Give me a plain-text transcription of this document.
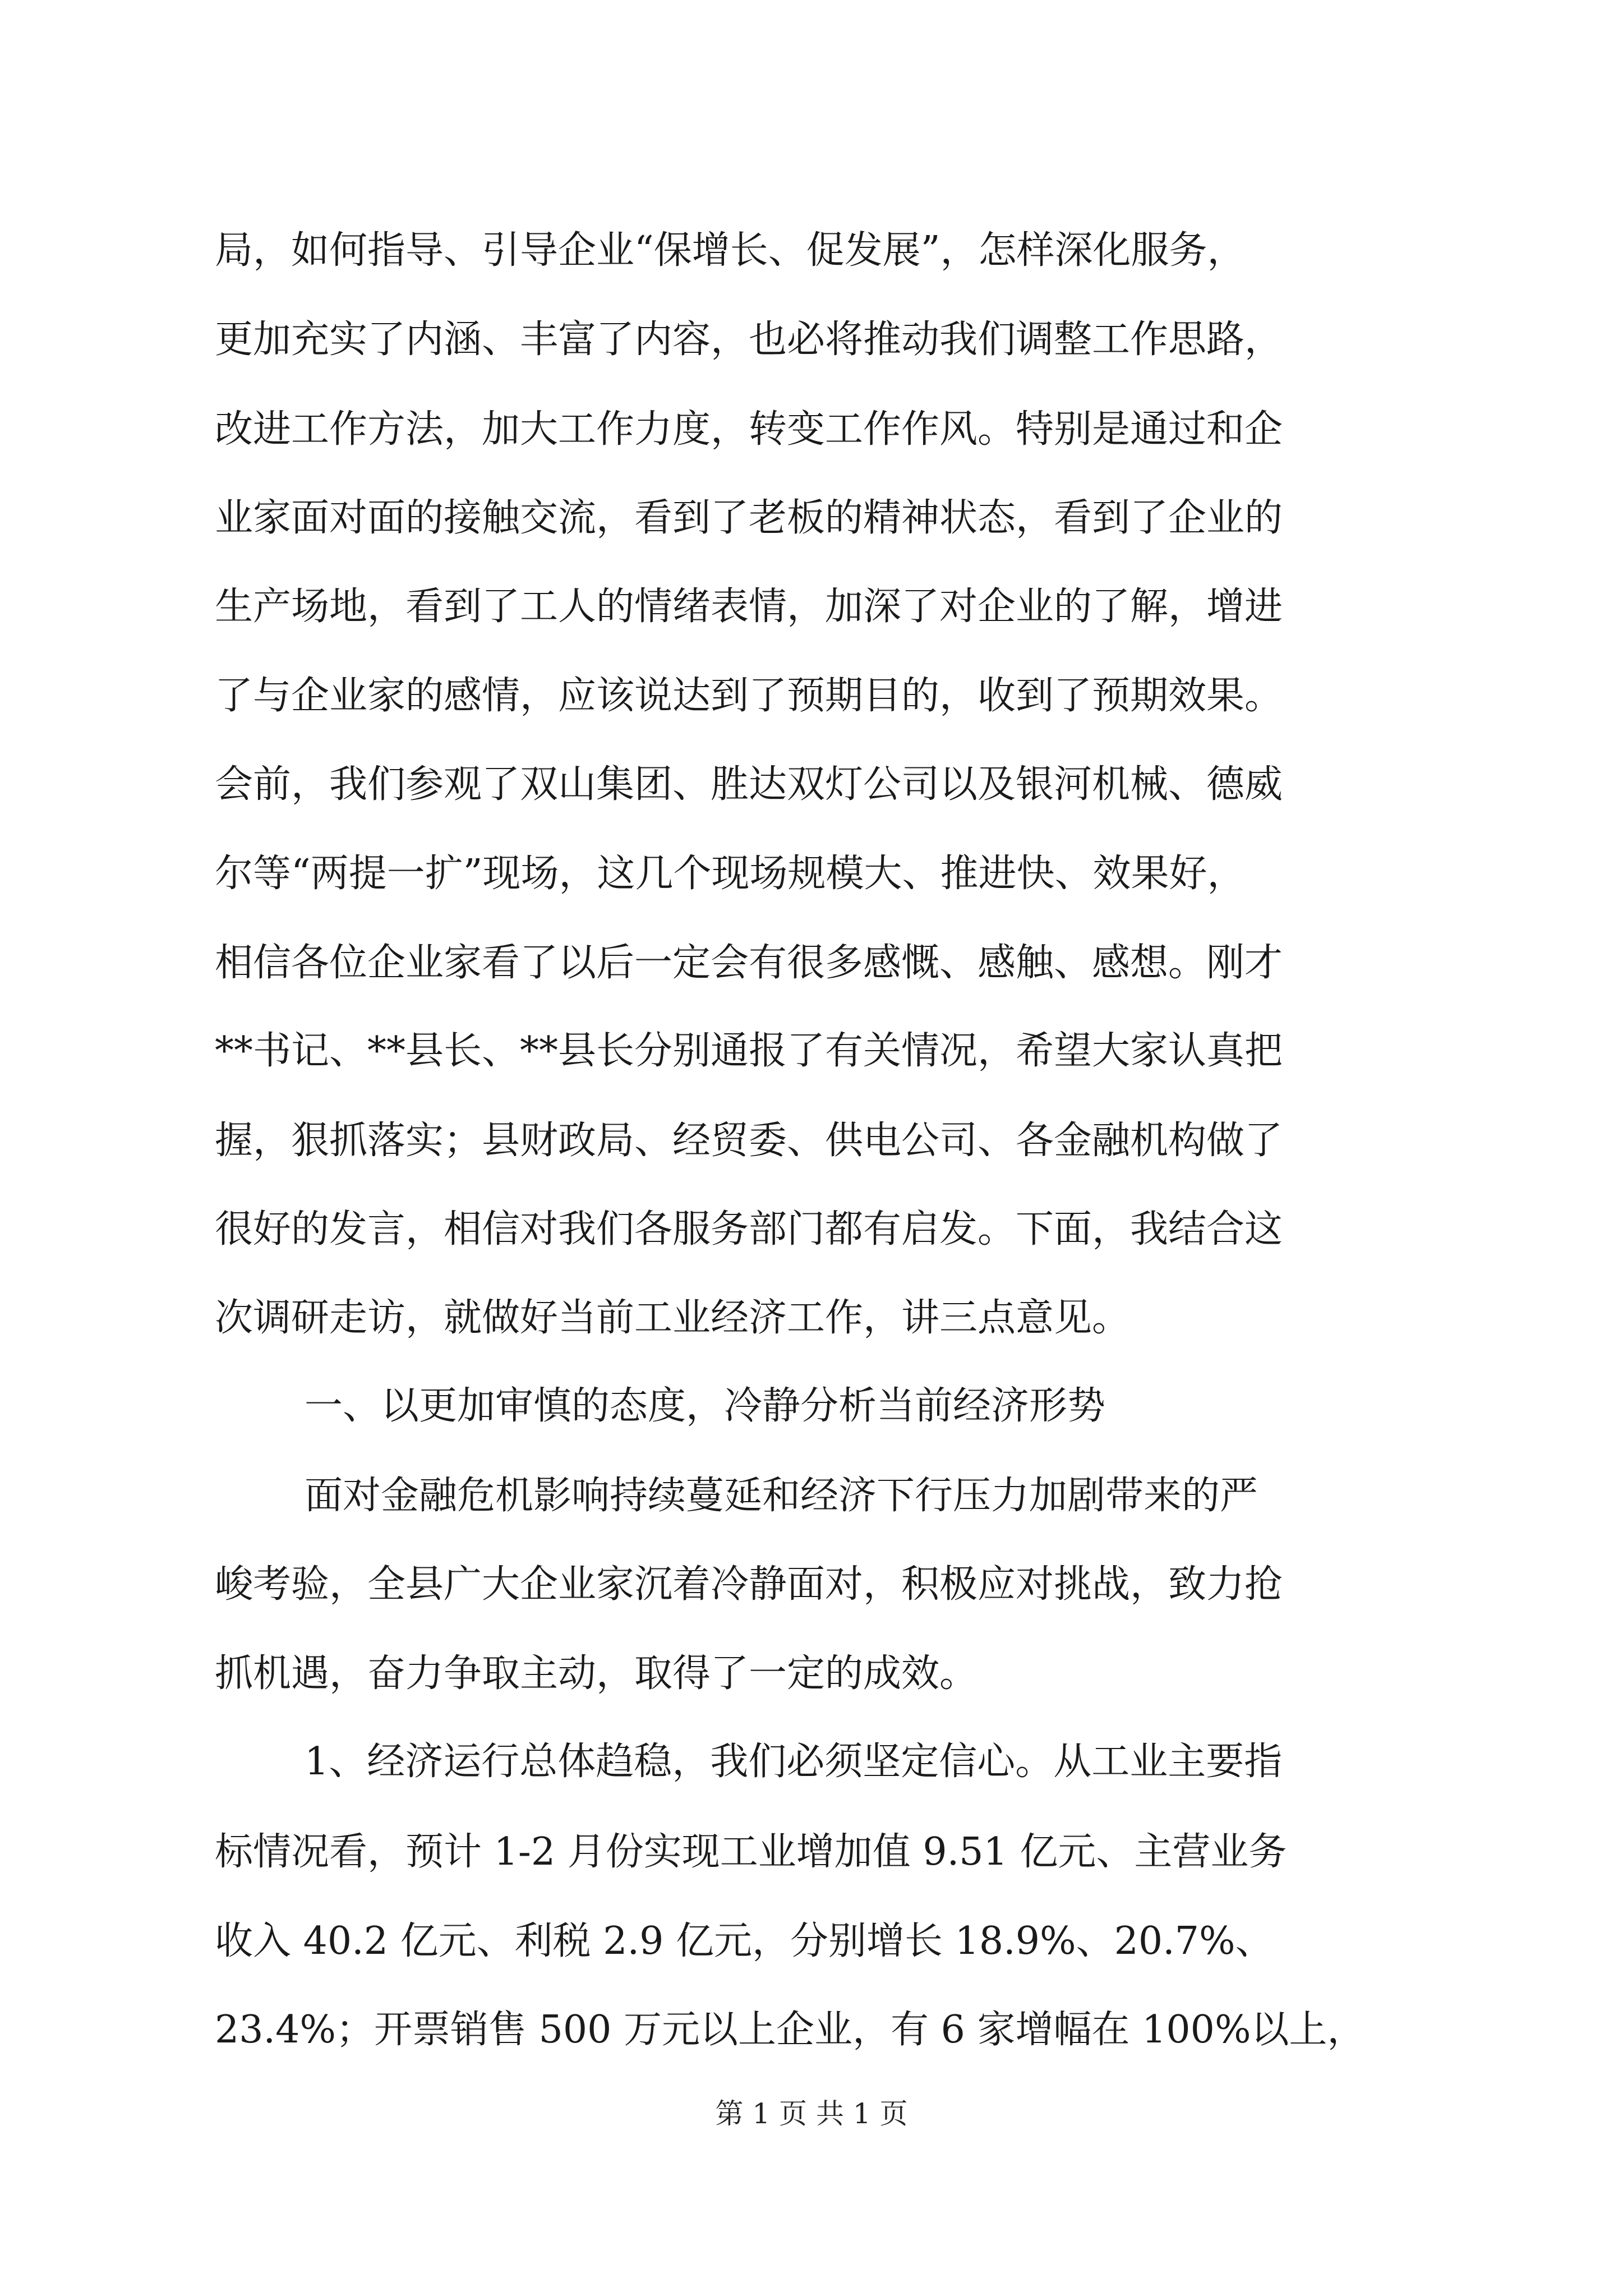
局，如何指导、引导企业“保增长、促发展”，怎样深化服务，
更加充实了内涵、丰富了内容，也必将推动我们调整工作思路，
改进工作方法，加大工作力度，转变工作作风。特别是通过和企
业家面对面的接触交流，看到了老板的精神状态，看到了企业的
生产场地，看到了工人的情绪表情，加深了对企业的了解，增进
了与企业家的感情，应该说达到了预期目的，收到了预期效果。
会前，我们参观了双山集团、胜达双灯公司以及银河机械、德威
尔等“两提一扩”现场，这几个现场规模大、推进快、效果好，
相信各位企业家看了以后一定会有很多感慨、感触、感想。刚才
**书记、**县长、**县长分别通报了有关情况，希望大家认真把
握，狠抓落实；县财政局、经贸委、供电公司、各金融机构做了
很好的发言，相信对我们各服务部门都有启发。下面，我结合这
次调研走访，就做好当前工业经济工作，讲三点意见。
一、以更加审慎的态度，冷静分析当前经济形势
面对金融危机影响持续蔓延和经济下行压力加剧带来的严
峻考验，全县广大企业家沉着冷静面对，积极应对挑战，致力抢
抓机遇，奋力争取主动，取得了一定的成效。
1、经济运行总体趋稳，我们必须坚定信心。从工业主要指
标情况看，预计 1-2 月份实现工业增加值 9.51 亿元、主营业务
收入 40.2 亿元、利税 2.9 亿元，分别增长 18.9%、20.7%、
23.4%；开票销售 500 万元以上企业，有 6 家增幅在 100%以上，
第 1 页 共 1 页
